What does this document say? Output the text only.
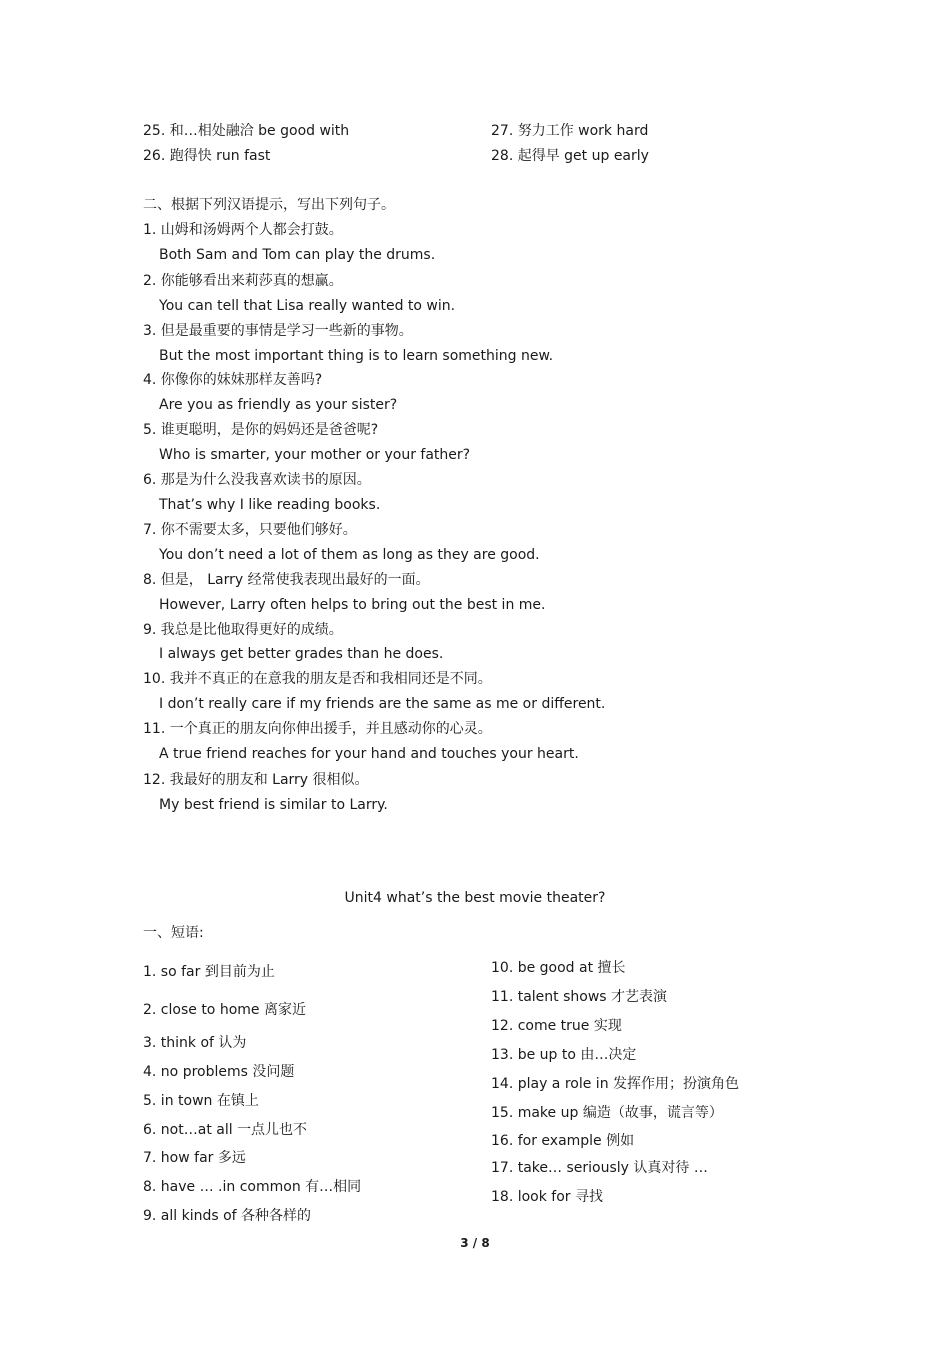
25. 和…相处融洽 be good with
26. 跑得快 run fast
27. 努力工作 work hard
28. 起得早 get up early
二、根据下列汉语提示，写出下列句子。
1. 山姆和汤姆两个人都会打鼓。
Both Sam and Tom can play the drums.
2. 你能够看出来莉莎真的想赢。
You can tell that Lisa really wanted to win.
3. 但是最重要的事情是学习一些新的事物。
But the most important thing is to learn something new.
4. 你像你的妹妹那样友善吗?
Are you as friendly as your sister?
5. 谁更聪明，是你的妈妈还是爸爸呢?
Who is smarter, your mother or your father?
6. 那是为什么没我喜欢读书的原因。
That’s why I like reading books.
7. 你不需要太多，只要他们够好。
You don’t need a lot of them as long as they are good.
8. 但是， Larry 经常使我表现出最好的一面。
However, Larry often helps to bring out the best in me.
9. 我总是比他取得更好的成绩。
I always get better grades than he does.
10. 我并不真正的在意我的朋友是否和我相同还是不同。
I don’t really care if my friends are the same as me or different.
11. 一个真正的朋友向你伸出援手，并且感动你的心灵。
A true friend reaches for your hand and touches your heart.
12. 我最好的朋友和 Larry 很相似。
My best friend is similar to Larry.
Unit4 what’s the best movie theater?
一、短语:
1. so far 到目前为止
2. close to home 离家近
3. think of 认为
4. no problems 没问题
5. in town 在镇上
6. not…at all 一点儿也不
7. how far 多远
8. have … .in common 有…相同
9. all kinds of 各种各样的
10. be good at 擅长
11. talent shows 才艺表演
12. come true 实现
13. be up to 由…决定
14. play a role in 发挥作用；扮演角色
15. make up 编造（故事，谎言等）
16. for example 例如
17. take… seriously 认真对待 …
18. look for 寻找
3 / 8
